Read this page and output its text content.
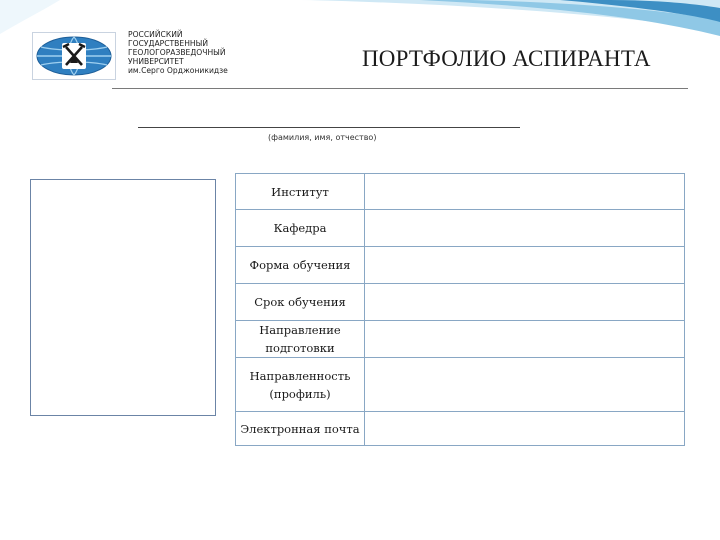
РОССИЙСКИЙ
ГОСУДАРСТВЕННЫЙ
ГЕОЛОГОРАЗВЕДОЧНЫЙ
УНИВЕРСИТЕТ
им.Серго Орджоникидзе	ПОРТФОЛИО АСПИРАНТА
(фамилия, имя, отчество)
Институт	

Кафедра	

Форма обучения	

Срок обучения	

Направление
подготовки	

Направленность
(профиль)	

Электронная почта	
